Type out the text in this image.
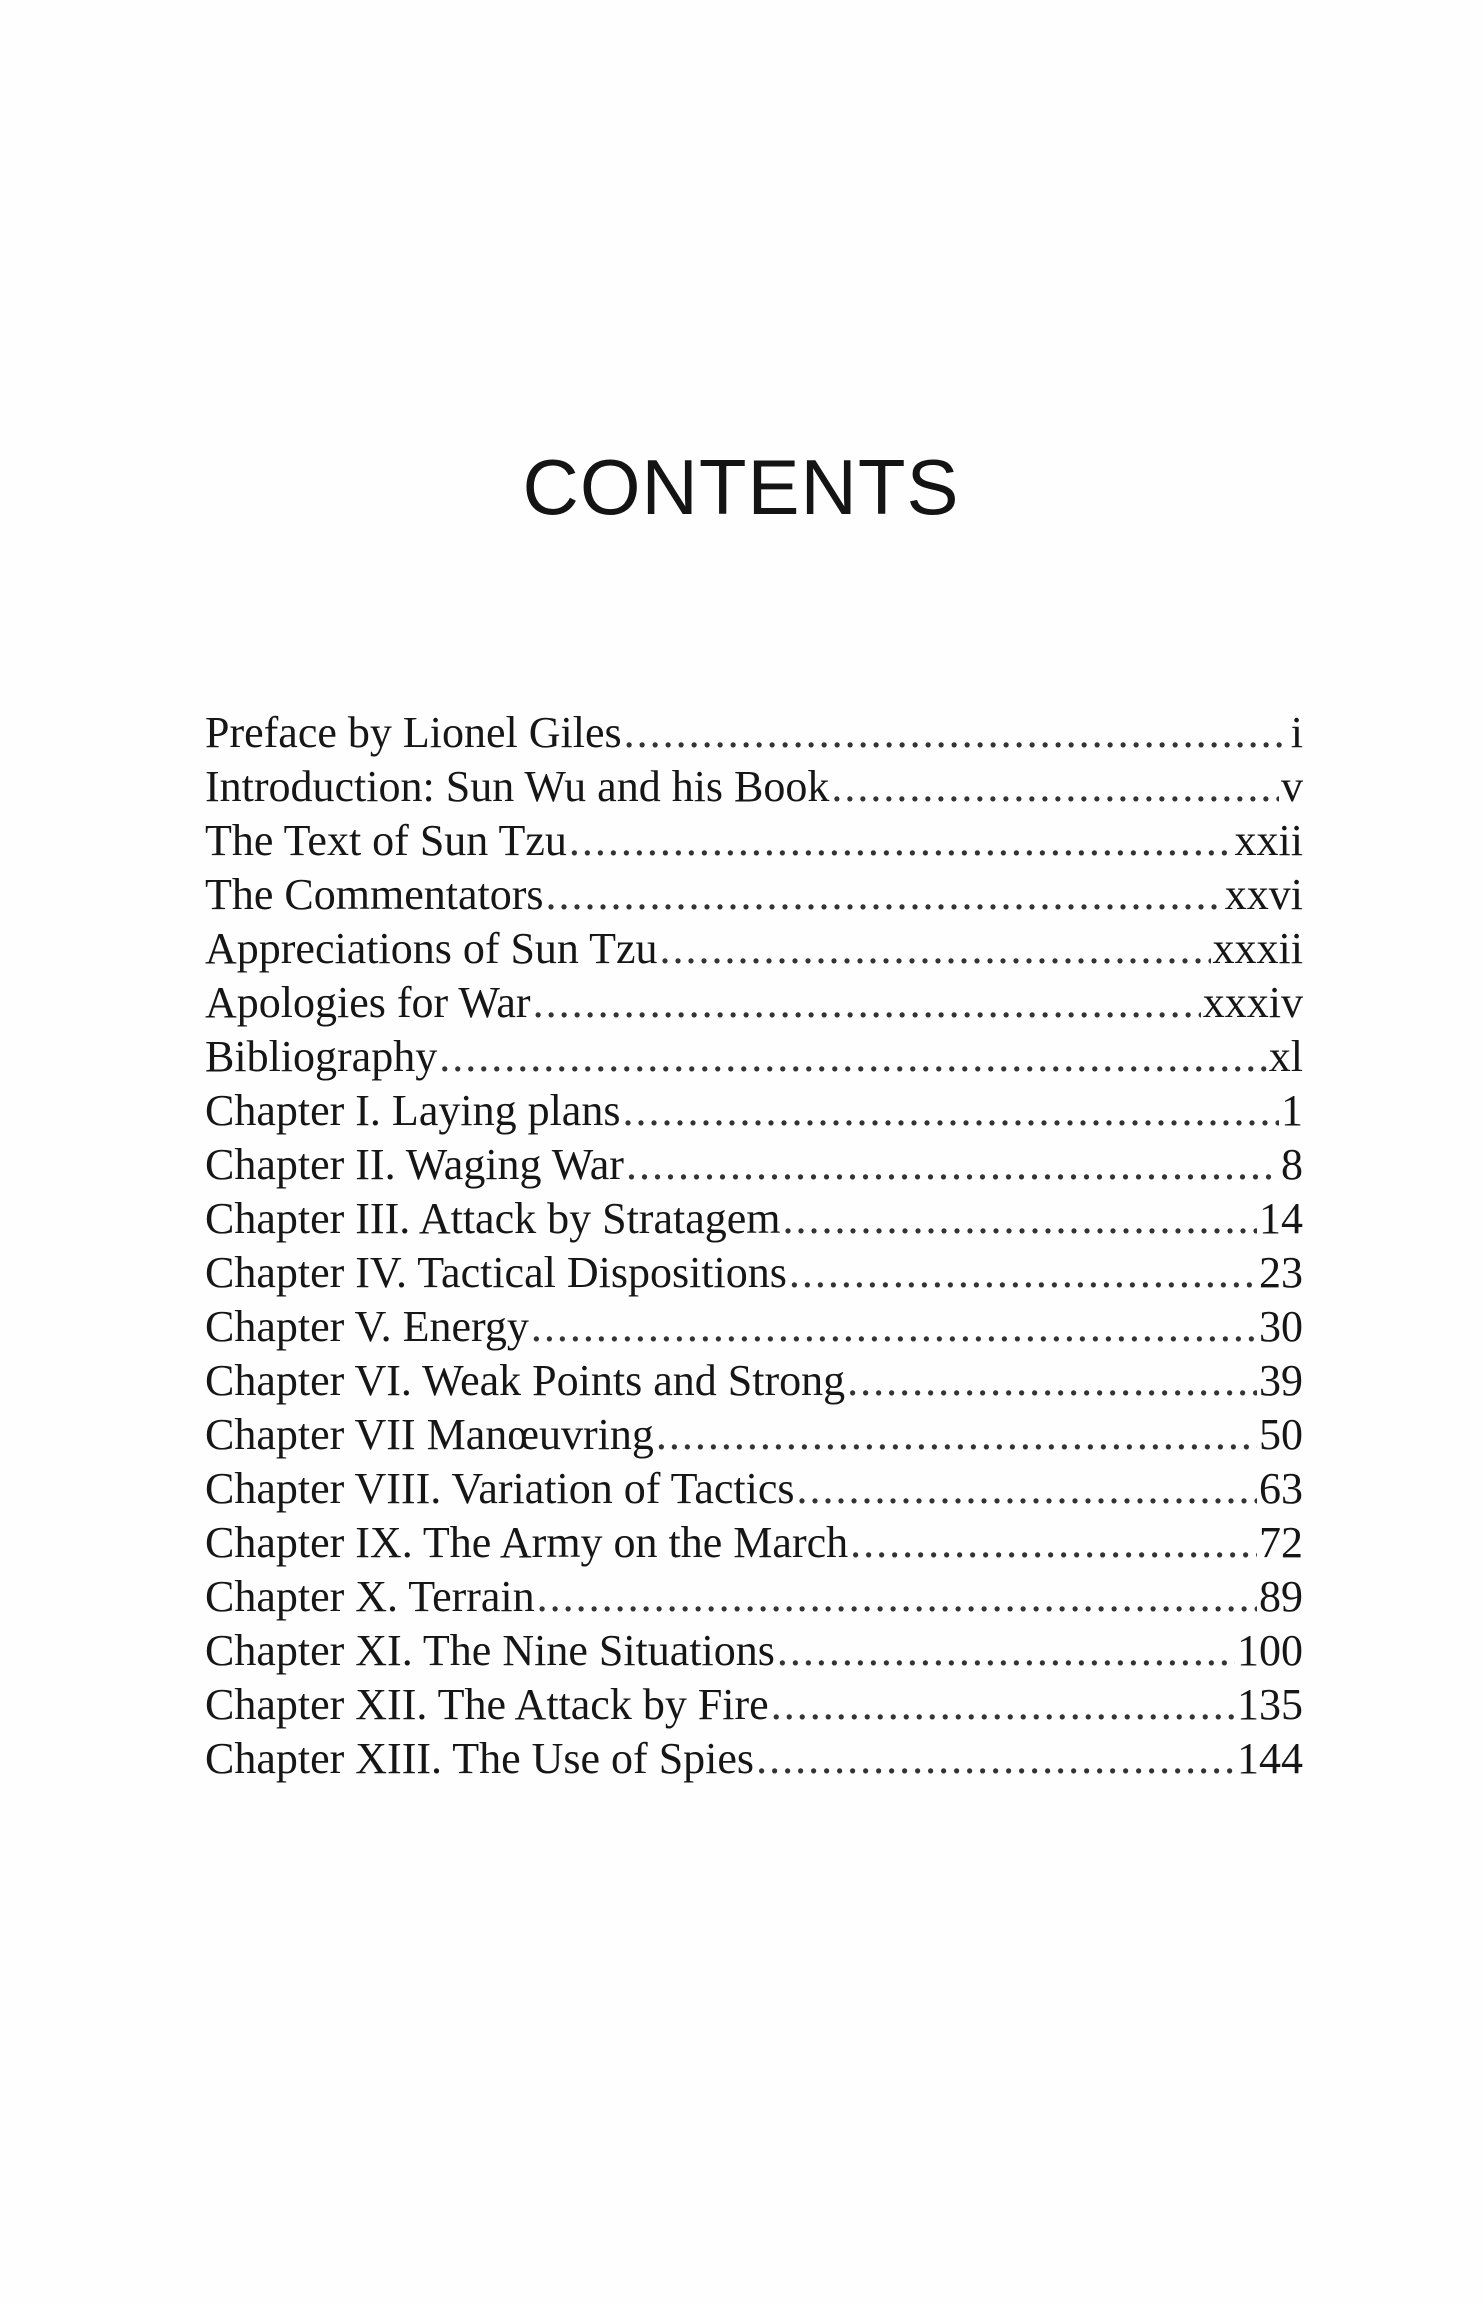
CONTENTS
Preface by Lionel Giles .....	i
Introduction: Sun Wu and his Book .....	v
The Text of Sun Tzu .....	xxii
The Commentators .....	xxvi
Appreciations of Sun Tzu .....	xxxii
Apologies for War .....	xxxiv
Bibliography .....	xl
Chapter I. Laying plans .....	1
Chapter II. Waging War .....	8
Chapter III. Attack by Stratagem .....	14
Chapter IV. Tactical Dispositions .....	23
Chapter V. Energy .....	30
Chapter VI. Weak Points and Strong .....	39
Chapter VII Manœuvring .....	50
Chapter VIII. Variation of Tactics .....	63
Chapter IX. The Army on the March .....	72
Chapter X. Terrain .....	89
Chapter XI. The Nine Situations .....	100
Chapter XII. The Attack by Fire .....	135
Chapter XIII. The Use of Spies .....	144
